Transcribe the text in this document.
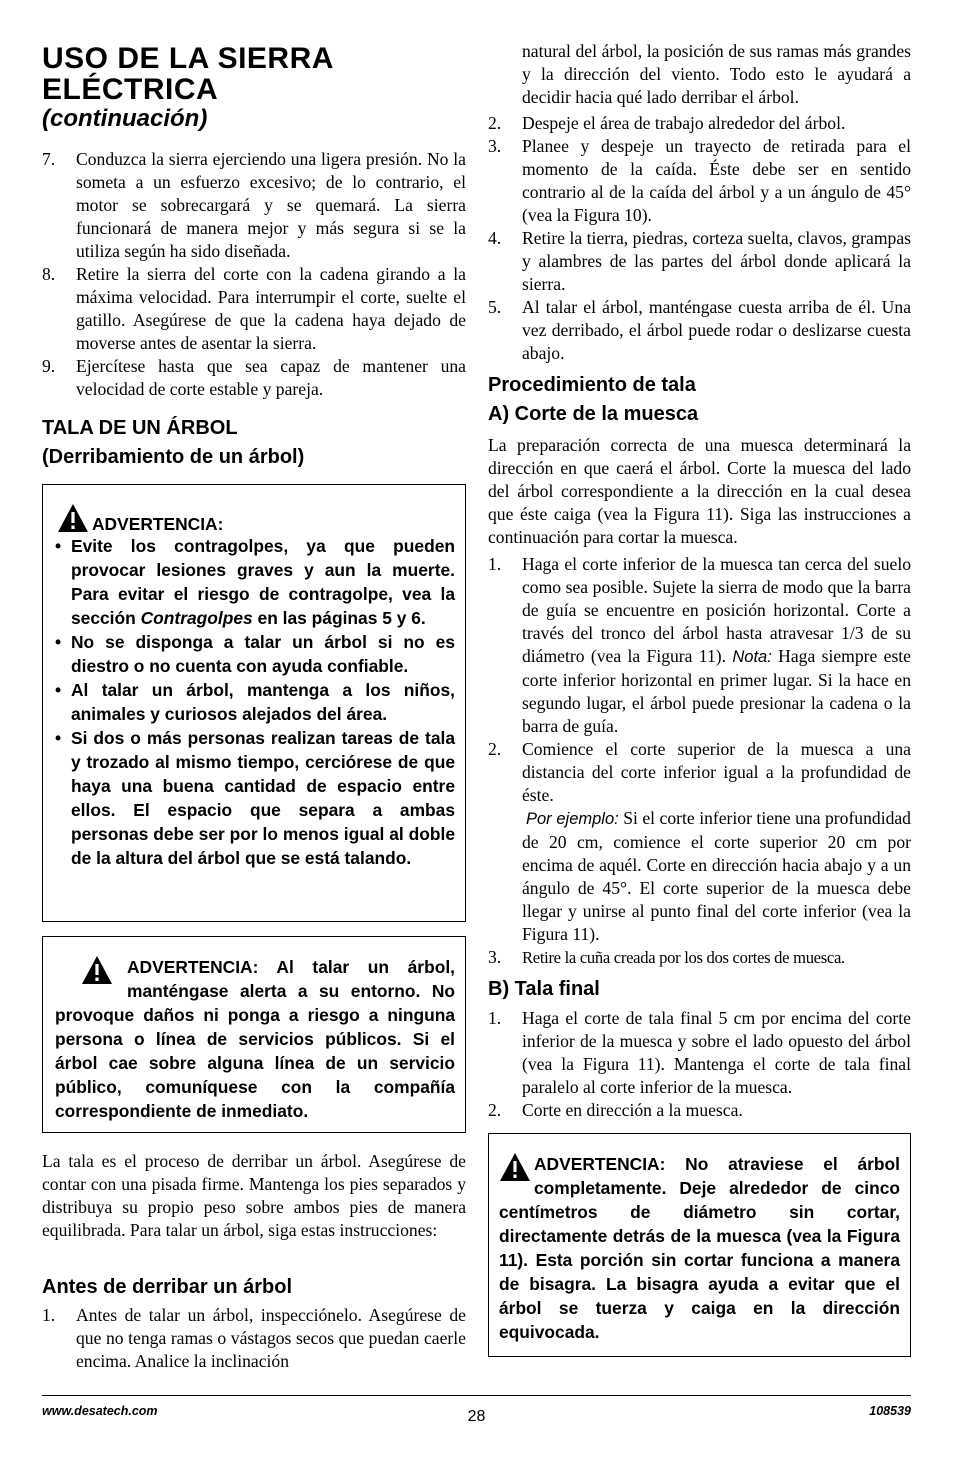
USO DE LA SIERRA
ELÉCTRICA
(continuación)
7. Conduzca la sierra ejerciendo una ligera presión. No la someta a un esfuerzo excesivo; de lo contrario, el motor se sobrecargará y se quemará. La sierra funcionará de manera mejor y más segura si se la utiliza según ha sido diseñada.
8. Retire la sierra del corte con la cadena girando a la máxima velocidad. Para interrumpir el corte, suelte el gatillo. Asegúrese de que la cadena haya dejado de moverse antes de asentar la sierra.
9. Ejercítese hasta que sea capaz de mantener una velocidad de corte estable y pareja.
TALA DE UN ÁRBOL
(Derribamiento de un árbol)
ADVERTENCIA:
• Evite los contragolpes, ya que pueden provocar lesiones graves y aun la muerte. Para evitar el riesgo de contragolpe, vea la sección Contragolpes en las páginas 5 y 6.
• No se disponga a talar un árbol si no es diestro o no cuenta con ayuda confiable.
• Al talar un árbol, mantenga a los niños, animales y curiosos alejados del área.
• Si dos o más personas realizan tareas de tala y trozado al mismo tiempo, cerciórese de que haya una buena cantidad de espacio entre ellos. El espacio que separa a ambas personas debe ser por lo menos igual al doble de la altura del árbol que se está talando.
ADVERTENCIA: Al talar un árbol, manténgase alerta a su entorno. No provoque daños ni ponga a riesgo a ninguna persona o línea de servicios públicos. Si el árbol cae sobre alguna línea de un servicio público, comuníquese con la compañía correspondiente de inmediato.

La tala es el proceso de derribar un árbol. Asegúrese de contar con una pisada firme. Mantenga los pies separados y distribuya su propio peso sobre ambos pies de manera equilibrada. Para talar un árbol, siga estas instrucciones:

Antes de derribar un árbol
1. Antes de talar un árbol, inspecciónelo. Asegúrese de que no tenga ramas o vástagos secos que puedan caerle encima. Analice la inclinación

natural del árbol, la posición de sus ramas más grandes y la dirección del viento. Todo esto le ayudará a decidir hacia qué lado derribar el árbol.

2. Despeje el área de trabajo alrededor del árbol.
3. Planee y despeje un trayecto de retirada para el momento de la caída. Éste debe ser en sentido contrario al de la caída del árbol y a un ángulo de 45° (vea la Figura 10).
4. Retire la tierra, piedras, corteza suelta, clavos, grampas y alambres de las partes del árbol donde aplicará la sierra.
5. Al talar el árbol, manténgase cuesta arriba de él. Una vez derribado, el árbol puede rodar o deslizarse cuesta abajo.
Procedimiento de tala
A) Corte de la muesca

La preparación correcta de una muesca determinará la dirección en que caerá el árbol. Corte la muesca del lado del árbol correspondiente a la dirección en la cual desea que éste caiga (vea la Figura 11). Siga las instrucciones a continuación para cortar la muesca.

1. Haga el corte inferior de la muesca tan cerca del suelo como sea posible. Sujete la sierra de modo que la barra de guía se encuentre en posición horizontal. Corte a través del tronco del árbol hasta atravesar 1/3 de su diámetro (vea la Figura 11). Nota: Haga siempre este corte inferior horizontal en primer lugar. Si la hace en segundo lugar, el árbol puede presionar la cadena o la barra de guía.
2. Comience el corte superior de la muesca a una distancia del corte inferior igual a la profundidad de éste.
Por ejemplo: Si el corte inferior tiene una profundidad de 20 cm, comience el corte superior 20 cm por encima de aquél. Corte en dirección hacia abajo y a un ángulo de 45°. El corte superior de la muesca debe llegar y unirse al punto final del corte inferior (vea la Figura 11).
3. Retire la cuña creada por los dos cortes de muesca.
B) Tala final
1. Haga el corte de tala final 5 cm por encima del corte inferior de la muesca y sobre el lado opuesto del árbol (vea la Figura 11). Mantenga el corte de tala final paralelo al corte inferior de la muesca.
2. Corte en dirección a la muesca.
ADVERTENCIA: No atraviese el árbol completamente. Deje alrededor de cinco centímetros de diámetro sin cortar, directamente detrás de la muesca (vea la Figura 11). Esta porción sin cortar funciona a manera de bisagra. La bisagra ayuda a evitar que el árbol se tuerza y caiga en la dirección equivocada.
www.desatech.com	28	108539
